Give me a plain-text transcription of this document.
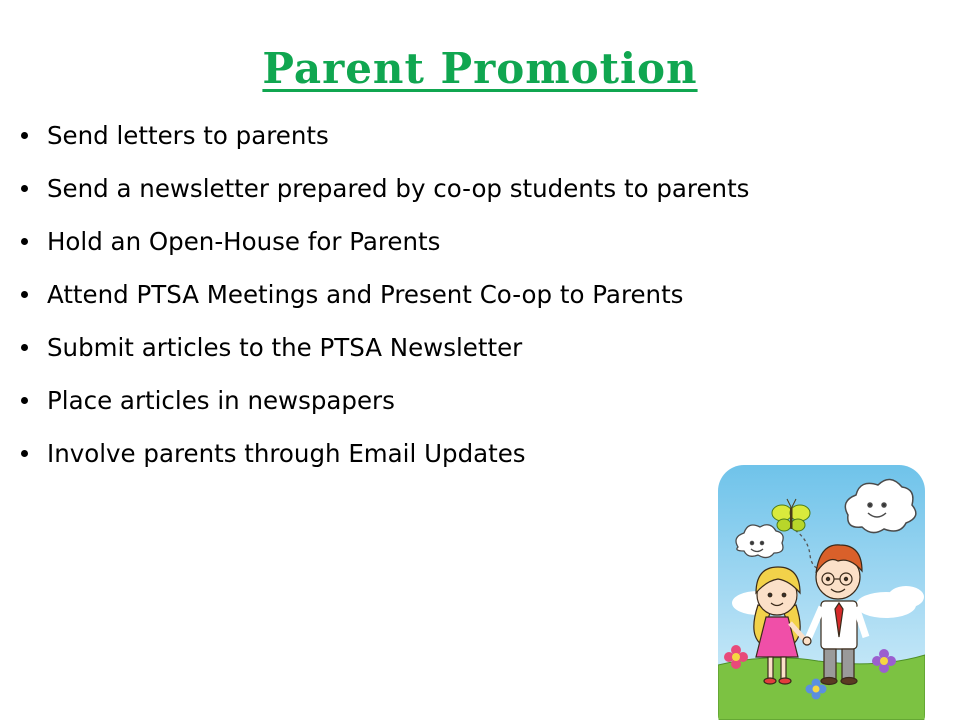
Parent Promotion
Send letters to parents
Send a newsletter prepared by co-op students to parents
Hold an Open-House for Parents
Attend PTSA Meetings and Present Co-op to Parents
Submit articles to the PTSA Newsletter
Place articles in newspapers
Involve parents through Email Updates
